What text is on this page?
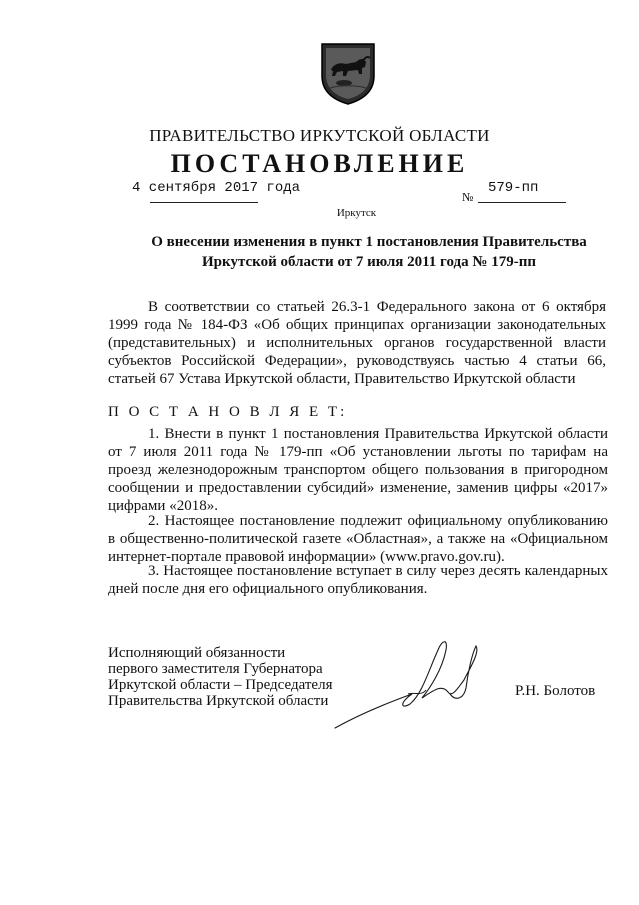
ПРАВИТЕЛЬСТВО ИРКУТСКОЙ ОБЛАСТИ
ПОСТАНОВЛЕНИЕ
4 сентября 2017 года
№
579-пп
Иркутск
О внесении изменения в пункт 1 постановления Правительства
Иркутской области от 7 июля 2011 года № 179-пп
В соответствии со статьей 26.3-1 Федерального закона от 6 октября 1999 года № 184-ФЗ «Об общих принципах организации законодательных (представительных) и исполнительных органов государственной власти субъектов Российской Федерации», руководствуясь частью 4 статьи 66, статьей 67 Устава Иркутской области, Правительство Иркутской области
П О С Т А Н О В Л Я Е Т:
1. Внести в пункт 1 постановления Правительства Иркутской области от 7 июля 2011 года № 179-пп «Об установлении льготы по тарифам на проезд железнодорожным транспортом общего пользования в пригородном сообщении и предоставлении субсидий» изменение, заменив цифры «2017» цифрами «2018».
2. Настоящее постановление подлежит официальному опубликованию в общественно-политической газете «Областная», а также на «Официальном интернет-портале правовой информации» (www.pravo.gov.ru).
3. Настоящее постановление вступает в силу через десять календарных дней после дня его официального опубликования.
Исполняющий обязанности
первого заместителя Губернатора
Иркутской области – Председателя
Правительства Иркутской области
Р.Н. Болотов
